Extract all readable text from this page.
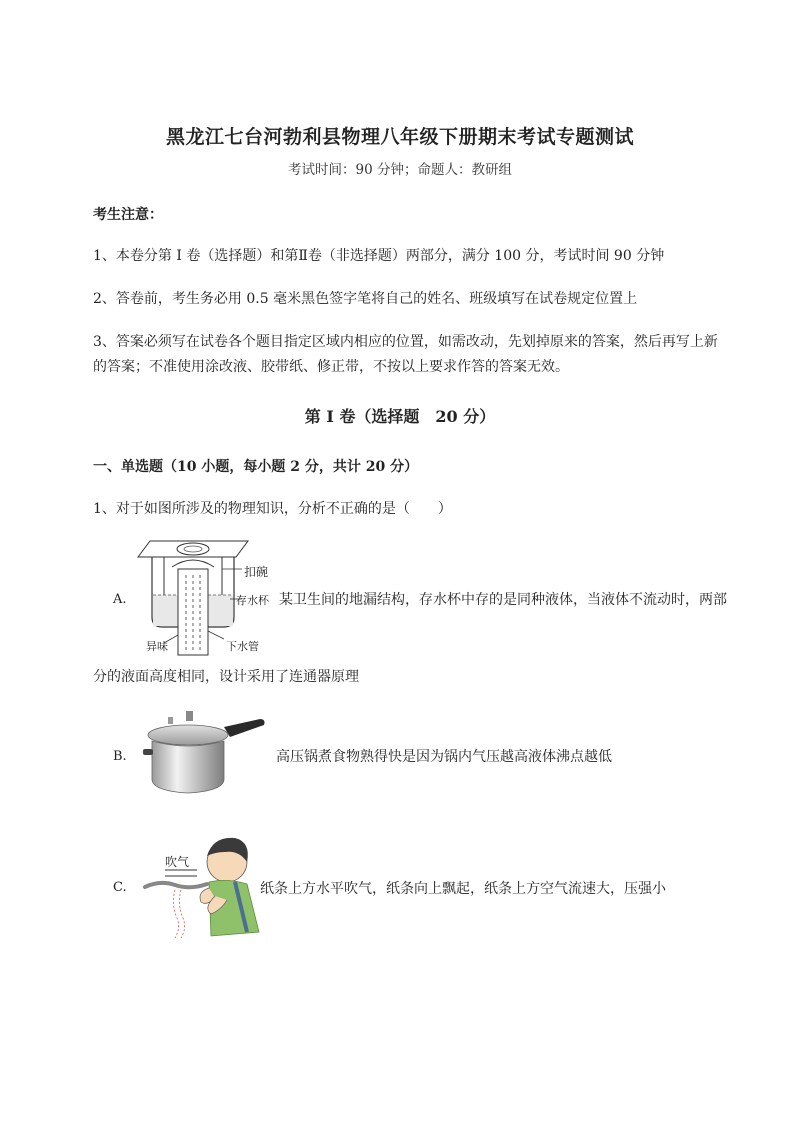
黑龙江七台河勃利县物理八年级下册期末考试专题测试
考试时间：90 分钟；命题人：教研组
考生注意：
1、本卷分第 I 卷（选择题）和第Ⅱ卷（非选择题）两部分，满分 100 分，考试时间 90 分钟
2、答卷前，考生务必用 0.5 毫米黑色签字笔将自己的姓名、班级填写在试卷规定位置上
3、答案必须写在试卷各个题目指定区域内相应的位置，如需改动，先划掉原来的答案，然后再写上新
的答案；不准使用涂改液、胶带纸、修正带，不按以上要求作答的答案无效。
第 I 卷（选择题　20 分）
一、单选题（10 小题，每小题 2 分，共计 20 分）
1、对于如图所涉及的物理知识，分析不正确的是（　　）
A.
扣碗
存水杯
异味	下水管
某卫生间的地漏结构，存水杯中存的是同种液体，当液体不流动时，两部
分的液面高度相同，设计采用了连通器原理
B.	高压锅煮食物熟得快是因为锅内气压越高液体沸点越低
C.
吹气
纸条上方水平吹气，纸条向上飘起，纸条上方空气流速大，压强小
